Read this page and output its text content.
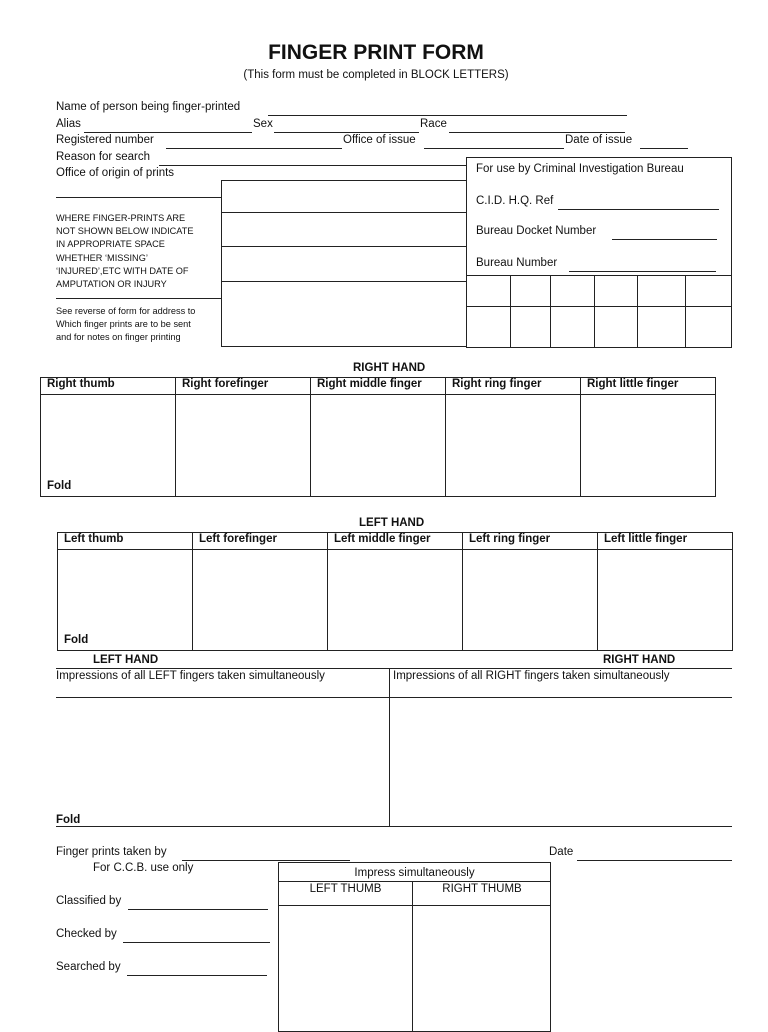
FINGER PRINT FORM
(This form must be completed in BLOCK LETTERS)
Name of person being finger-printed
Alias	Sex	Race
Registered number	Office of issue	Date of issue
Reason for search
Office of origin of prints
WHERE FINGER-PRINTS ARE
NOT SHOWN BELOW INDICATE
IN APPROPRIATE SPACE
WHETHER ‘MISSING’
‘INJURED’,ETC WITH DATE OF
AMPUTATION OR INJURY
See reverse of form for address to
Which finger prints are to be sent
and for notes on finger printing
For use by Criminal Investigation Bureau
C.I.D. H.Q. Ref
Bureau Docket Number
Bureau Number
RIGHT HAND
Right thumb	Right forefinger	Right middle finger	Right ring finger	Right little finger

Fold				

LEFT HAND
Left thumb	Left forefinger	Left middle finger	Left ring finger	Left little finger

Fold				

LEFT HAND	RIGHT HAND
Impressions of all LEFT fingers taken simultaneously	Impressions of all RIGHT fingers taken simultaneously
Fold
Finger prints taken by	Date
For C.C.B. use only
Classified by
Checked by
Searched by
Impress simultaneously
LEFT THUMB	RIGHT THUMB
